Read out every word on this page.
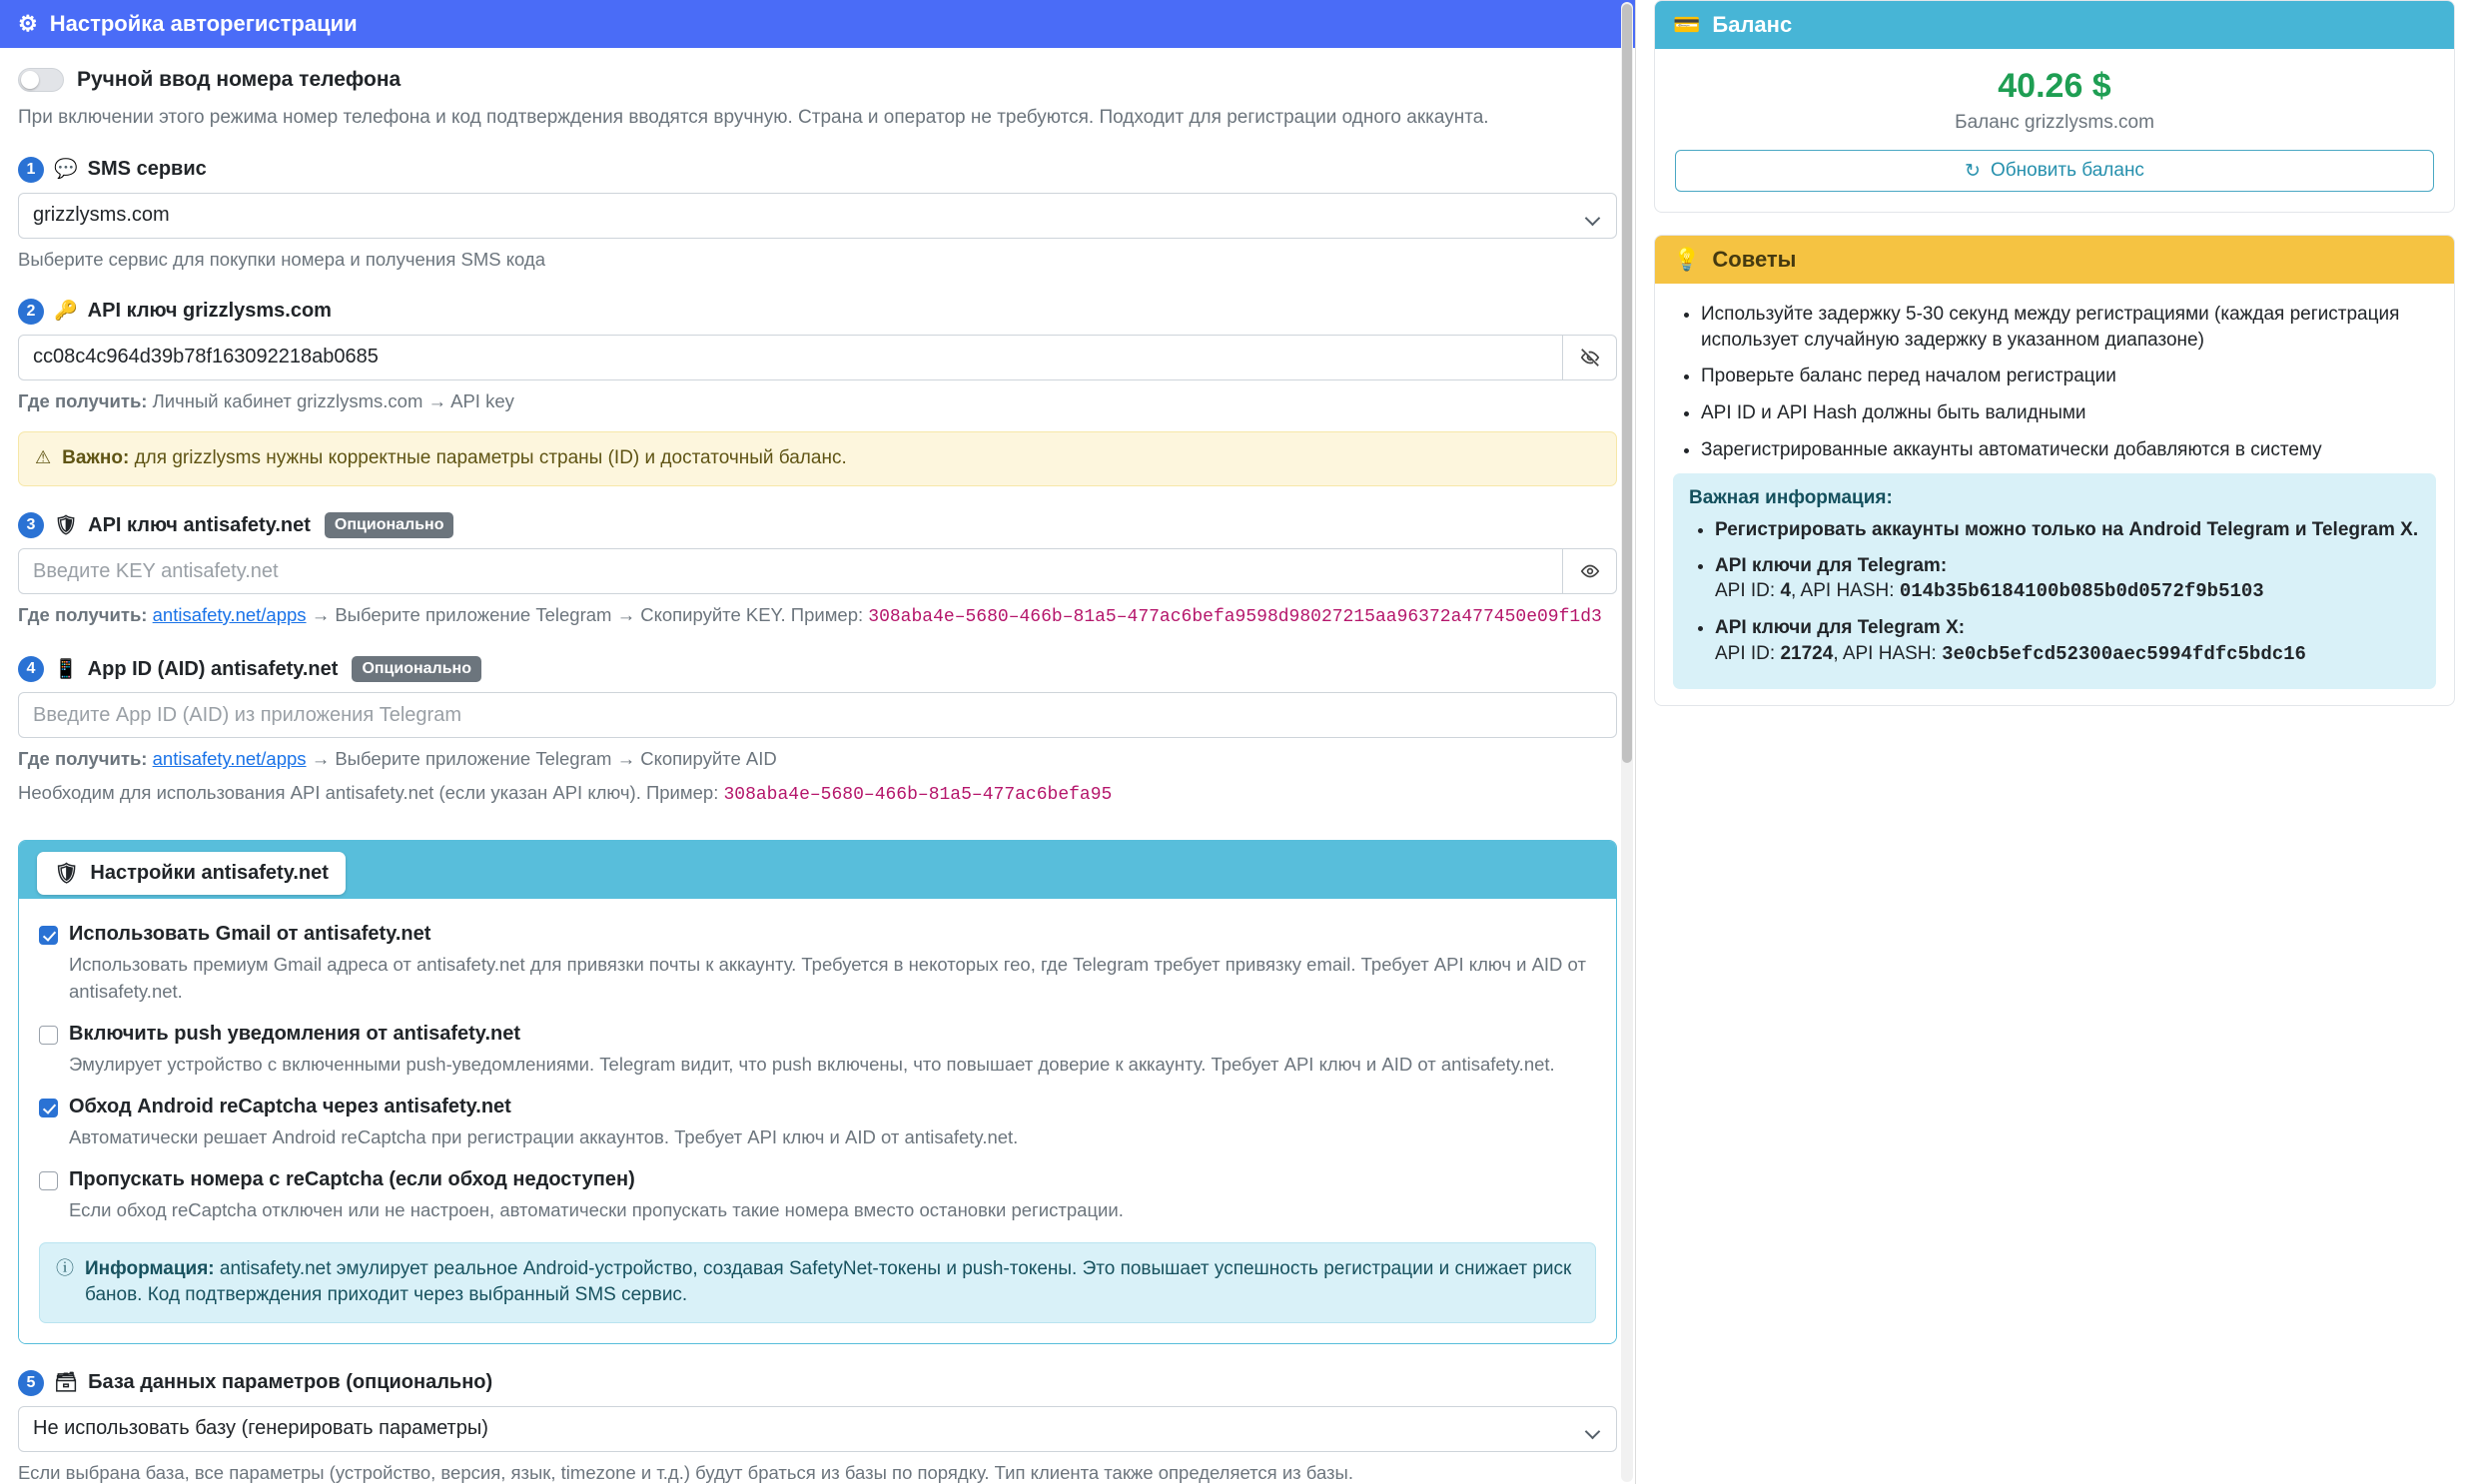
⚙ Настройка авторегистрации
Ручной ввод номера телефона
При включении этого режима номер телефона и код подтверждения вводятся вручную. Страна и оператор не требуются. Подходит для регистрации одного аккаунта.
1 💬 SMS сервис
grizzlysms.com
Выберите сервис для покупки номера и получения SMS кода
2 🔑 API ключ grizzlysms.com
cc08c4c964d39b78f163092218ab0685
Где получить: Личный кабинет grizzlysms.com → API key
⚠ Важно: для grizzlysms нужны корректные параметры страны (ID) и достаточный баланс.
3 🛡 API ключ antisafety.net	Опционально
Введите KEY antisafety.net
Где получить: antisafety.net/apps → Выберите приложение Telegram → Скопируйте KEY. Пример: 308aba4e–5680–466b–81a5–477ac6befa9598d98027215aa96372a477450e09f1d3
4 📱 App ID (AID) antisafety.net	Опционально
Введите App ID (AID) из приложения Telegram
Где получить: antisafety.net/apps → Выберите приложение Telegram → Скопируйте AID
Необходим для использования API antisafety.net (если указан API ключ). Пример: 308aba4e–5680–466b–81a5–477ac6befa95
🛡 Настройки antisafety.net
Использовать Gmail от antisafety.net
Использовать премиум Gmail адреса от antisafety.net для привязки почты к аккаунту. Требуется в некоторых гео, где Telegram требует привязку email. Требует API ключ и AID от antisafety.net.
Включить push уведомления от antisafety.net
Эмулирует устройство с включенными push-уведомлениями. Telegram видит, что push включены, что повышает доверие к аккаунту. Требует API ключ и AID от antisafety.net.
Обход Android reCaptcha через antisafety.net
Автоматически решает Android reCaptcha при регистрации аккаунтов. Требует API ключ и AID от antisafety.net.
Пропускать номера с reCaptcha (если обход недоступен)
Если обход reCaptcha отключен или не настроен, автоматически пропускать такие номера вместо остановки регистрации.
ⓘ Информация: antisafety.net эмулирует реальное Android-устройство, создавая SafetyNet-токены и push-токены. Это повышает успешность регистрации и снижает риск банов. Код подтверждения приходит через выбранный SMS сервис.
5 🗃 База данных параметров (опционально)
Не использовать базу (генерировать параметры)
Если выбрана база, все параметры (устройство, версия, язык, timezone и т.д.) будут браться из базы по порядку. Тип клиента также определяется из базы.
💳 Баланс
40.26 $
Баланс grizzlysms.com
↻ Обновить баланс
💡 Советы
• Используйте задержку 5-30 секунд между регистрациями (каждая регистрация использует случайную задержку в указанном диапазоне)
• Проверьте баланс перед началом регистрации
• API ID и API Hash должны быть валидными
• Зарегистрированные аккаунты автоматически добавляются в систему
Важная информация:
• Регистрировать аккаунты можно только на Android Telegram и Telegram X.
• API ключи для Telegram:
API ID: 4, API HASH: 014b35b6184100b085b0d0572f9b5103
• API ключи для Telegram X:
API ID: 21724, API HASH: 3e0cb5efcd52300aec5994fdfc5bdc16
